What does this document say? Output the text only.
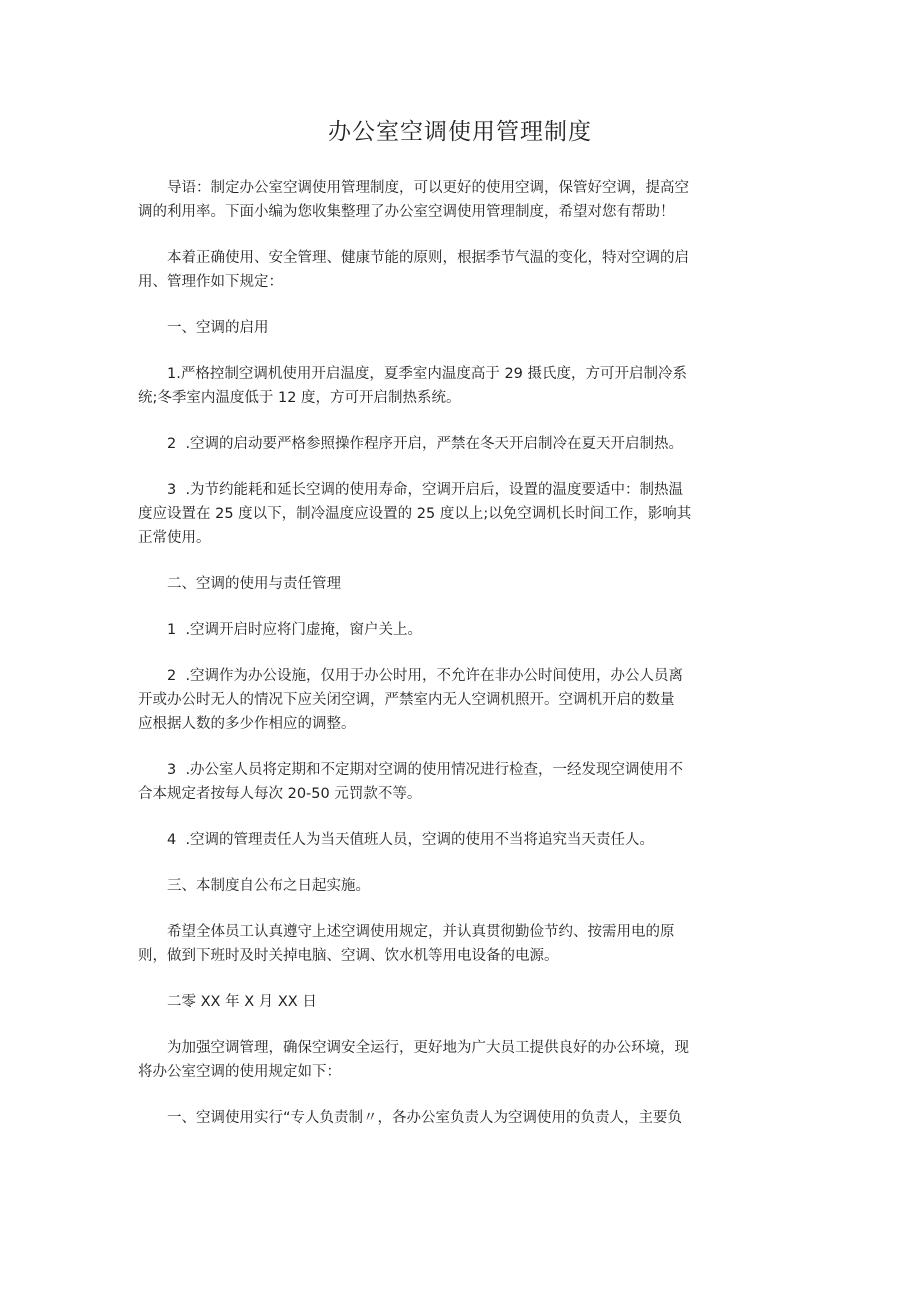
办公室空调使用管理制度

导语：制定办公室空调使用管理制度，可以更好的使用空调，保管好空调，提高空
调的利用率。下面小编为您收集整理了办公室空调使用管理制度，希望对您有帮助！

本着正确使用、安全管理、健康节能的原则，根据季节气温的变化，特对空调的启
用、管理作如下规定：

一、空调的启用

1.严格控制空调机使用开启温度，夏季室内温度高于 29 摄氏度，方可开启制冷系
统;冬季室内温度低于 12 度，方可开启制热系统。

2  .空调的启动要严格参照操作程序开启，严禁在冬天开启制冷在夏天开启制热。

3  .为节约能耗和延长空调的使用寿命，空调开启后，设置的温度要适中：制热温
度应设置在 25 度以下，制冷温度应设置的 25 度以上;以免空调机长时间工作，影响其
正常使用。

二、空调的使用与责任管理

1  .空调开启时应将门虚掩，窗户关上。

2  .空调作为办公设施，仅用于办公时用，不允许在非办公时间使用，办公人员离
开或办公时无人的情况下应关闭空调，严禁室内无人空调机照开。空调机开启的数量
应根据人数的多少作相应的调整。

3  .办公室人员将定期和不定期对空调的使用情况进行检查，一经发现空调使用不
合本规定者按每人每次 20-50 元罚款不等。

4  .空调的管理责任人为当天值班人员，空调的使用不当将追究当天责任人。

三、本制度自公布之日起实施。

希望全体员工认真遵守上述空调使用规定，并认真贯彻勤俭节约、按需用电的原
则，做到下班时及时关掉电脑、空调、饮水机等用电设备的电源。

二零 XX 年 X 月 XX 日

为加强空调管理，确保空调安全运行，更好地为广大员工提供良好的办公环境，现
将办公室空调的使用规定如下：

一、空调使用实行“专人负责制〃，各办公室负责人为空调使用的负责人，主要负
